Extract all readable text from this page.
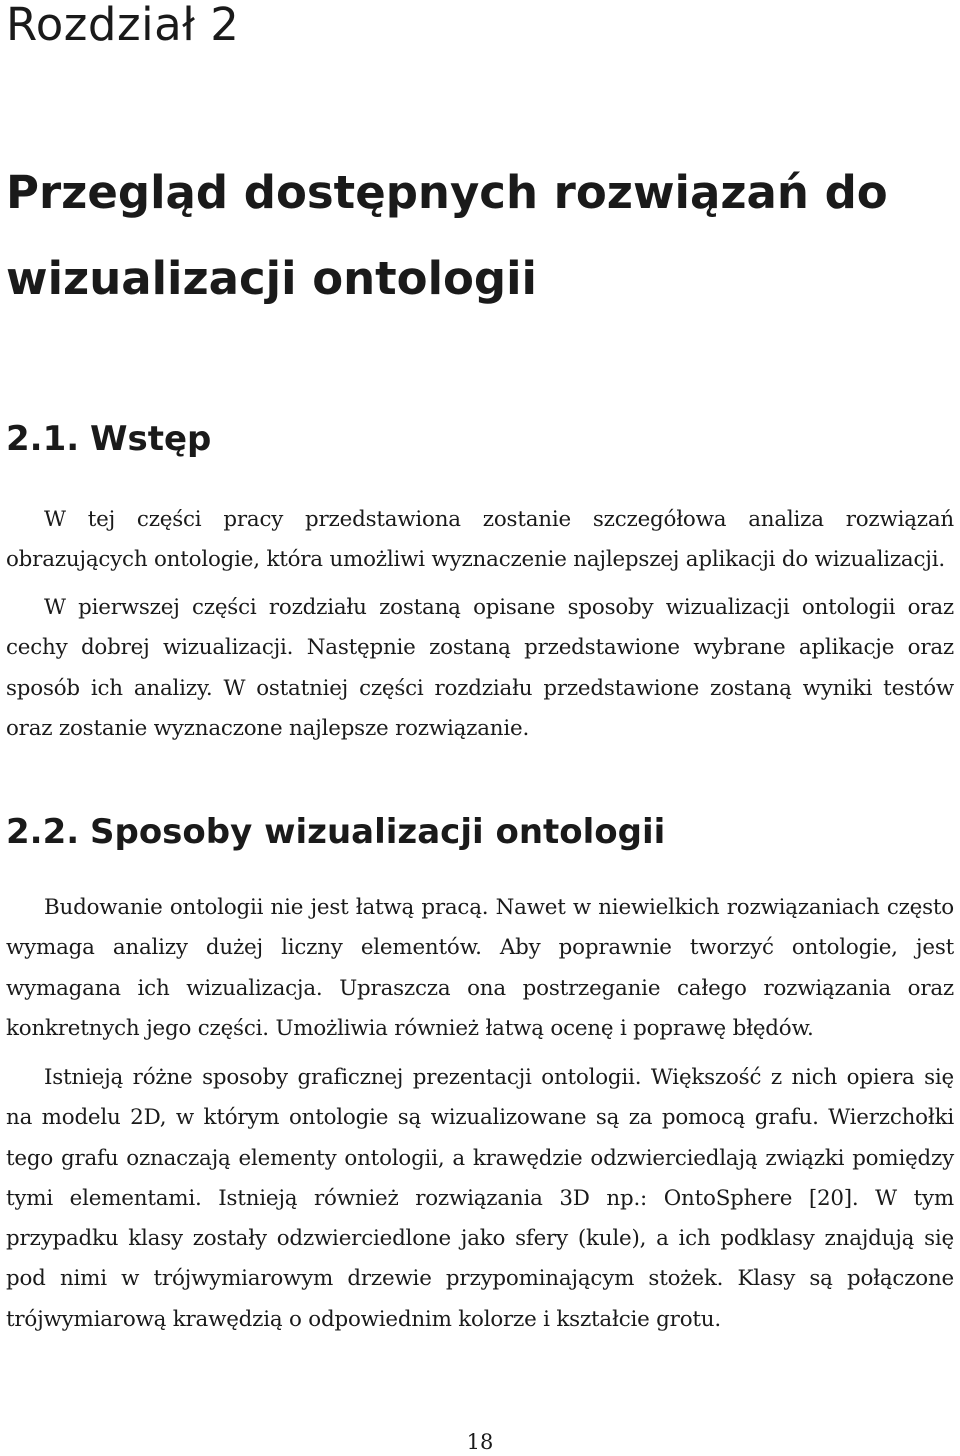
Rozdział 2
Przegląd dostępnych rozwiązań do wizualizacji ontologii
2.1. Wstęp

W tej części pracy przedstawiona zostanie szczegółowa analiza rozwiązań obrazujących ontologie, która umożliwi wyznaczenie najlepszej aplikacji do wizualizacji.

W pierwszej części rozdziału zostaną opisane sposoby wizualizacji ontologii oraz cechy dobrej wizualizacji. Następnie zostaną przedstawione wybrane aplikacje oraz sposób ich analizy. W ostatniej części rozdziału przedstawione zostaną wyniki testów oraz zostanie wyznaczone najlepsze rozwiązanie.

2.2. Sposoby wizualizacji ontologii

Budowanie ontologii nie jest łatwą pracą. Nawet w niewielkich rozwiązaniach często wymaga analizy dużej liczny elementów. Aby poprawnie tworzyć ontologie, jest wymagana ich wizualizacja. Upraszcza ona postrzeganie całego rozwiązania oraz konkretnych jego części. Umożliwia również łatwą ocenę i poprawę błędów.

Istnieją różne sposoby graficznej prezentacji ontologii. Większość z nich opiera się na modelu 2D, w którym ontologie są wizualizowane są za pomocą grafu. Wierzchołki tego grafu oznaczają elementy ontologii, a krawędzie odzwierciedlają związki pomiędzy tymi elementami. Istnieją również rozwiązania 3D np.: OntoSphere [20]. W tym przypadku klasy zostały odzwierciedlone jako sfery (kule), a ich podklasy znajdują się pod nimi w trójwymiarowym drzewie przypominającym stożek. Klasy są połączone trójwymiarową krawędzią o odpowiednim kolorze i kształcie grotu.

18
